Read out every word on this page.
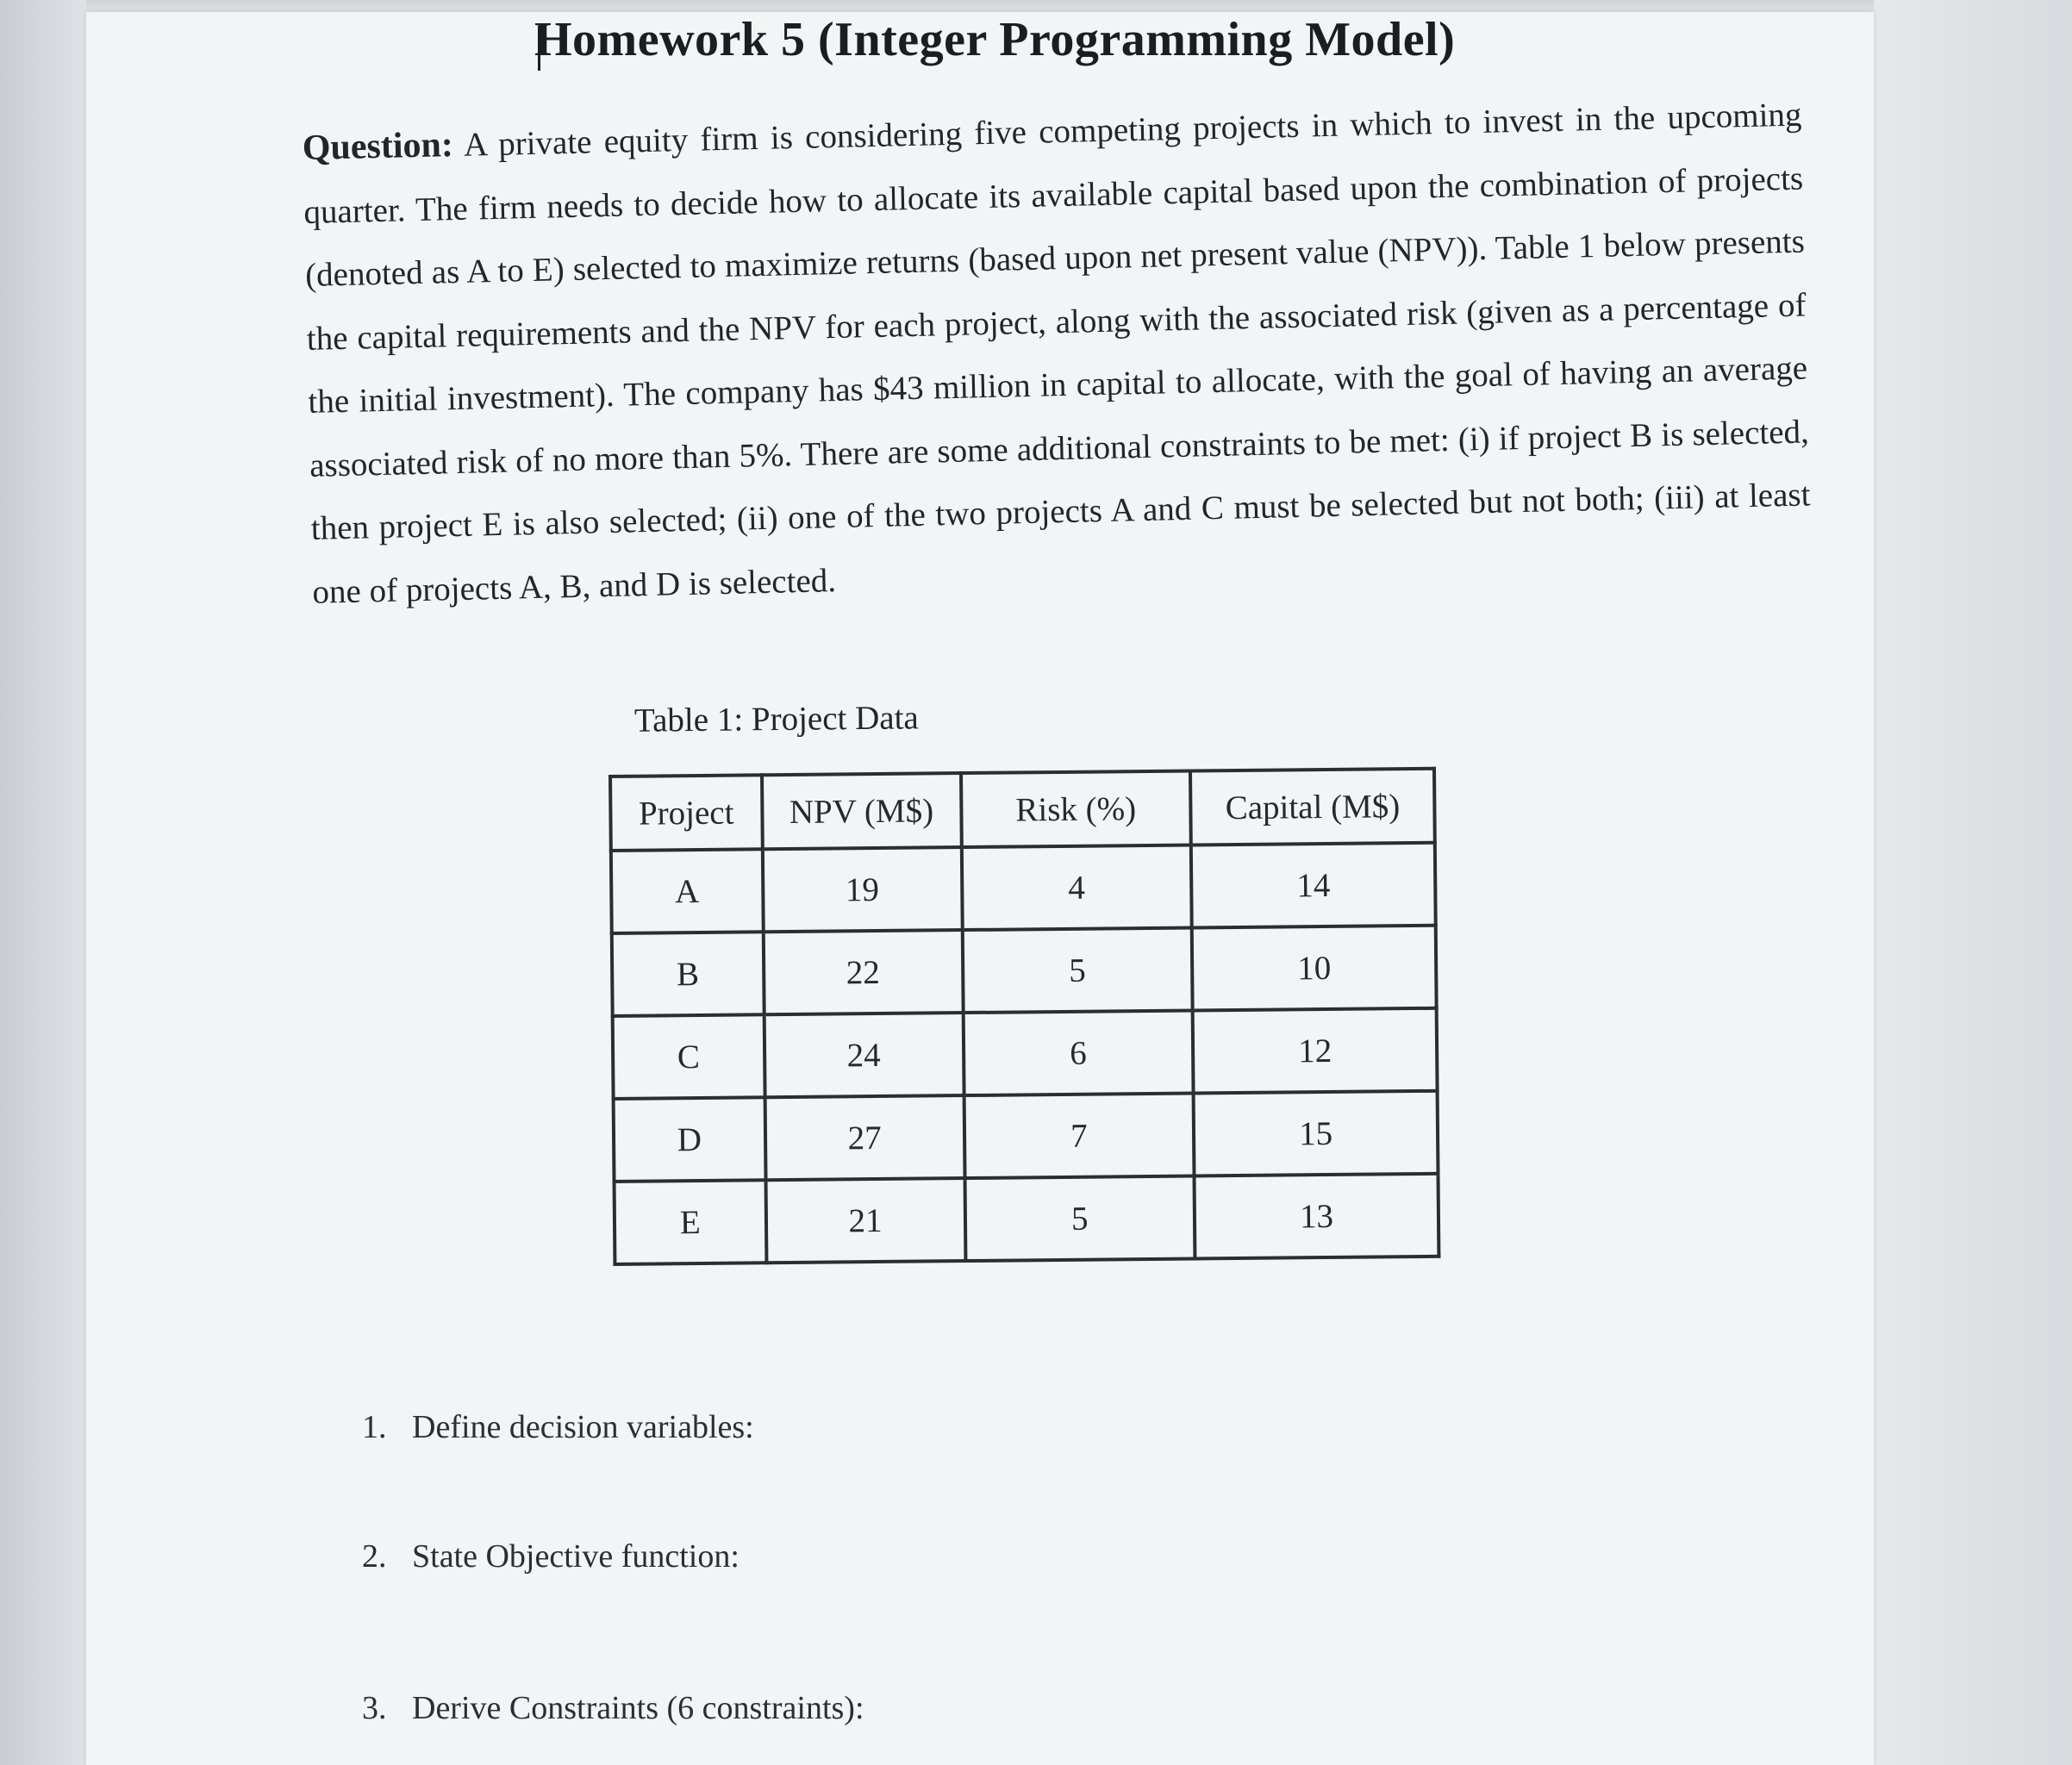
Homework 5 (Integer Programming Model)
Question: A private equity firm is considering five competing projects in which to invest in the upcoming quarter. The firm needs to decide how to allocate its available capital based upon the combination of projects (denoted as A to E) selected to maximize returns (based upon net present value (NPV)). Table 1 below presents the capital requirements and the NPV for each project, along with the associated risk (given as a percentage of the initial investment). The company has $43 million in capital to allocate, with the goal of having an average associated risk of no more than 5%. There are some additional constraints to be met: (i) if project B is selected, then project E is also selected; (ii) one of the two projects A and C must be selected but not both; (iii) at least one of projects A, B, and D is selected.
Table 1: Project Data
Project	NPV (M$)	Risk (%)	Capital (M$)
A	19	4	14
B	22	5	10
C	24	6	12
D	27	7	15
E	21	5	13
1. Define decision variables:
2. State Objective function:
3. Derive Constraints (6 constraints):
